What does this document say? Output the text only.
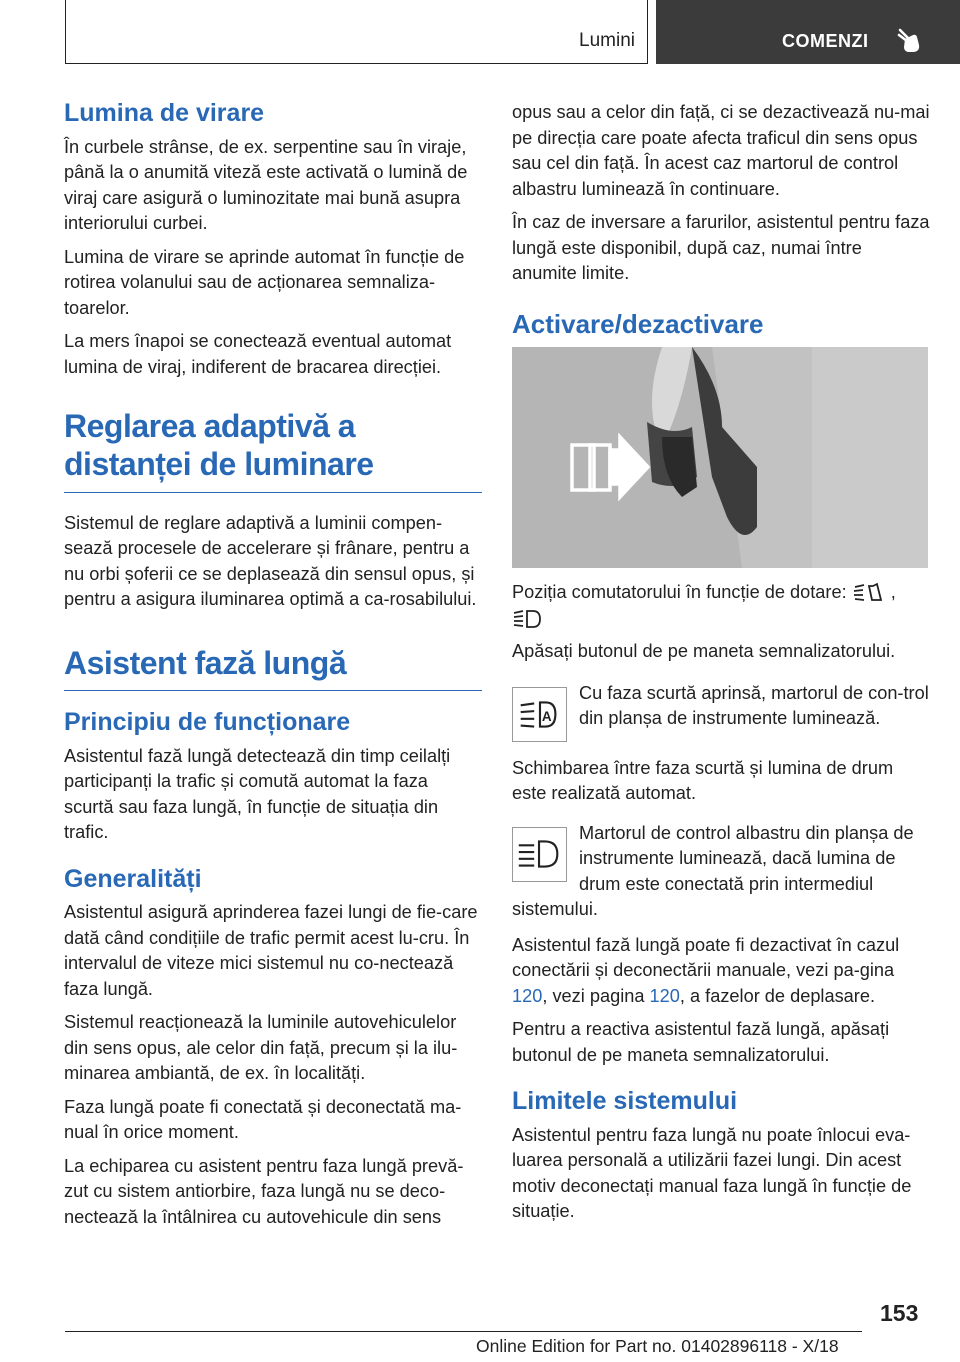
Lumini	COMENZI
Lumina de virare

În curbele strânse, de ex. serpentine sau în viraje, până la o anumită viteză este activată o lumină de viraj care asigură o luminozitate mai bună asupra interiorului curbei.

Lumina de virare se aprinde automat în funcție de rotirea volanului sau de acționarea semnaliza‐toarelor.

La mers înapoi se conectează eventual automat lumina de viraj, indiferent de bracarea direcției.

Reglarea adaptivă a distanței de luminare

Sistemul de reglare adaptivă a luminii compen‐sează procesele de accelerare și frânare, pentru a nu orbi șoferii ce se deplasează din sensul opus, și pentru a asigura iluminarea optimă a ca‐rosabilului.

Asistent fază lungă
Principiu de funcționare

Asistentul fază lungă detectează din timp ceilalți participanți la trafic și comută automat la faza scurtă sau faza lungă, în funcție de situația din trafic.

Generalități

Asistentul asigură aprinderea fazei lungi de fie‐care dată când condițiile de trafic permit acest lu‐cru. În intervalul de viteze mici sistemul nu co‐nectează faza lungă.

Sistemul reacționează la luminile autovehiculelor din sens opus, ale celor din față, precum și la ilu‐minarea ambiantă, de ex. în localități.

Faza lungă poate fi conectată și deconectată ma‐nual în orice moment.

La echiparea cu asistent pentru faza lungă prevă‐zut cu sistem antiorbire, faza lungă nu se deco‐nectează la întâlnirea cu autovehicule din sens

opus sau a celor din față, ci se dezactivează nu‐mai pe direcția care poate afecta traficul din sens opus sau cel din față. În acest caz martorul de control albastru luminează în continuare.

În caz de inversare a farurilor, asistentul pentru faza lungă este disponibil, după caz, numai între anumite limite.

Activare/dezactivare

Poziția comutatorului în funcție de dotare: ,

Apăsați butonul de pe maneta semnalizatorului.

A

Cu faza scurtă aprinsă, martorul de con‐trol din planșa de instrumente luminează.

Schimbarea între faza scurtă și lumina de drum este realizată automat.

Martorul de control albastru din planșa de instrumente luminează, dacă lumina de drum este conectată prin intermediul sistemului.

Asistentul fază lungă poate fi dezactivat în cazul conectării și deconectării manuale, vezi pa‐gina 120, vezi pagina 120, a fazelor de deplasare.

Pentru a reactiva asistentul fază lungă, apăsați butonul de pe maneta semnalizatorului.

Limitele sistemului

Asistentul pentru faza lungă nu poate înlocui eva‐luarea personală a utilizării fazei lungi. Din acest motiv deconectați manual faza lungă în funcție de situație.

153
Online Edition for Part no. 01402896118 - X/18
